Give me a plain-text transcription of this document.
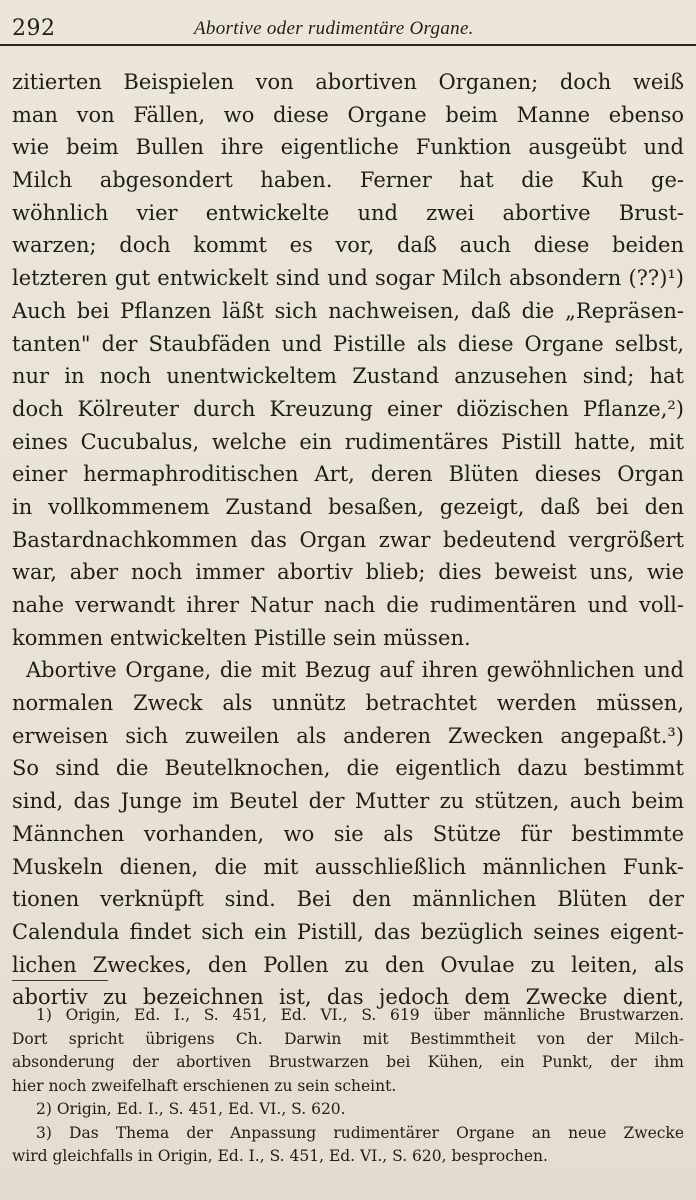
292	Abortive oder rudimentäre Organe.
zitierten Beispielen von abortiven Organen; doch weiß
man von Fällen, wo diese Organe beim Manne ebenso
wie beim Bullen ihre eigentliche Funktion ausgeübt und
Milch abgesondert haben. Ferner hat die Kuh ge-
wöhnlich vier entwickelte und zwei abortive Brust-
warzen; doch kommt es vor, daß auch diese beiden
letzteren gut entwickelt sind und sogar Milch absondern (??)¹)
Auch bei Pflanzen läßt sich nachweisen, daß die „Repräsen-
tanten" der Staubfäden und Pistille als diese Organe selbst,
nur in noch unentwickeltem Zustand anzusehen sind; hat
doch Kölreuter durch Kreuzung einer diözischen Pflanze,²)
eines Cucubalus, welche ein rudimentäres Pistill hatte, mit
einer hermaphroditischen Art, deren Blüten dieses Organ
in vollkommenem Zustand besaßen, gezeigt, daß bei den
Bastardnachkommen das Organ zwar bedeutend vergrößert
war, aber noch immer abortiv blieb; dies beweist uns, wie
nahe verwandt ihrer Natur nach die rudimentären und voll-
kommen entwickelten Pistille sein müssen.
Abortive Organe, die mit Bezug auf ihren gewöhnlichen und
normalen Zweck als unnütz betrachtet werden müssen,
erweisen sich zuweilen als anderen Zwecken angepaßt.³)
So sind die Beutelknochen, die eigentlich dazu bestimmt
sind, das Junge im Beutel der Mutter zu stützen, auch beim
Männchen vorhanden, wo sie als Stütze für bestimmte
Muskeln dienen, die mit ausschließlich männlichen Funk-
tionen verknüpft sind. Bei den männlichen Blüten der
Calendula findet sich ein Pistill, das bezüglich seines eigent-
lichen Zweckes, den Pollen zu den Ovulae zu leiten, als
abortiv zu bezeichnen ist, das jedoch dem Zwecke dient,
1) Origin, Ed. I., S. 451, Ed. VI., S. 619 über männliche Brustwarzen.
Dort spricht übrigens Ch. Darwin mit Bestimmtheit von der Milch-
absonderung der abortiven Brustwarzen bei Kühen, ein Punkt, der ihm
hier noch zweifelhaft erschienen zu sein scheint.
2) Origin, Ed. I., S. 451, Ed. VI., S. 620.
3) Das Thema der Anpassung rudimentärer Organe an neue Zwecke
wird gleichfalls in Origin, Ed. I., S. 451, Ed. VI., S. 620, besprochen.
